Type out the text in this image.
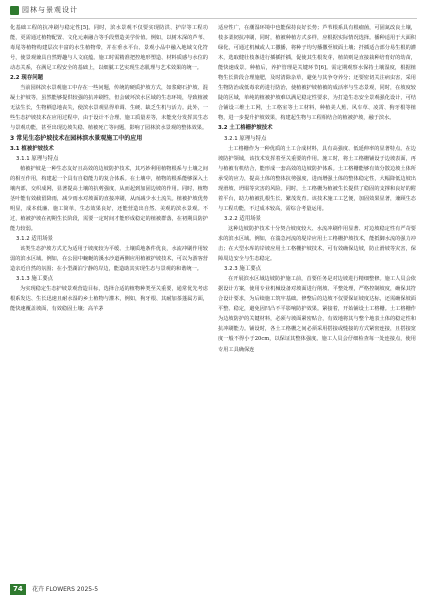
园林与景观设计

化基础工程的抗冲刷与稳定性[5]。同时，滨水景观不仅要实现防洪、护岸等工程功能，更需通过植物配置、文化元素融合等手段塑造美学价值。例如，以树木深的芦苇、毒尾等植物构建层次丰富的水生植物带，并在垂水平台、景观小品中融入地域文化符号，使景观兼具自然野趣与人文底蕴。施工时需精准把控地形塑造、材料质感与水位的动态关系，在满足工程安全的基础上，以细腻工艺实现生态肌理与艺术效果的统一。

2.2 现存问题

当前园林滨水景观施工中存在一些问题，传统的硬质护坡方式，如浆砌石护坡、混凝土护坡等，虽然能够提供较强的抗冲刷性，但会破坏滨水区域的生态环境，导致植被无法生长，生物栖息地丧失，使滨水景观显得单调、生硬、缺乏生机与活力。此外，一些生态护坡技术在应用过程中，由于设计不合理、施工质量差等，未能充分发挥其生态与景观功能，甚至出现边坡失稳、植被死亡等问题，影响了园林滨水景观的整体效果。

3 常见生态护坡技术在园林滨水景观施工中的应用
3.1 植被护坡技术
3.1.1 原理与特点

植被护坡是一种生态友好且高效的边坡防护技术，其巧妙利用植物根系与土壤之间的相互作用，构建起一个具有自稳能力的复合体系。在土壤中，植物的根系能够深入土壤内部，交织成网，显著提高土壤的抗剪强度，从而起到加固边坡的作用。同时，植物茎叶能有效截留降雨，减少雨水对坡面的直接冲刷，从而减少水土流失。植被护坡优势明显，成本低廉、施工简单，生态效果良好，还能营造出自然、美观的滨水景观。不过，植被护坡在初期生长阶段，需要一定时间才能形成稳定的植被群落，在初期具防护能力较弱。

3.1.2 适用场景

该类生态护坡方式尤为适用于坡度较为平缓、土壤质地条件优良，水流冲刷作用较弱的滨水区域。例如，在公园中蜿蜒的溪水沙道两侧应用植被护坡技术，可以为游客营造亲近自然的氛围；在小型湖泊宁静的岸边，能造助其实现生态与景观的和谐统一。

3.1.3 施工要点

为实现稳定生态护坡景观营造目标，选择合适的植物种类至关重要，通常优先考虑根系发达、生长迅速且耐水湿的乡土植物与灌木，例如，狗牙根、其耐加茶蓬属方面，能快速覆盖坡面，有效稳固土壤；高羊茅

适应性广，在潮湿环境中也能保持良好长势；芦苇根系具有根瘤菌，可固氮改良土壤，枝多柔韧抗冲刷，同时，植被种植方式多样，应根据实际情况选择。播种适用于大面积绿化，可通过机械或人工撒播，将种子均匀播撒至坡面土壤；扦插适合部分易生根的灌木，选取健壮枝条进行插插扦插，促使其生根发芽，植苗则是直接栽种培育好的幼苗，能快速成景。种植后，养护管理是关键环节[6]。需定期观察水保持土壤湿度，根据植物生长阶段合理施肥，及时清除杂草，避免与其争夺养分；还要密切关注病虫害，采用生物防治或低毒农药进行防治，使植被护坡植被的成活率与生态景观，同时，在坡度较陡的区域，单纯的植被护坡难以满足稳定性要求，为打造生态安全景观强化设计，可结合铺设三维土工网，土工格室等土工材料，种植美人蕉、风车草、凌霄、狗牙根等植物，进一步提升护坡效果，构建起生物与工程相结合的植被护坡，融于滨水。

3.2 土工格栅护坡技术
3.2.1 原理与特点

土工格栅作为一种优质的土工合成材料，具有高强度、低延伸率的显著特点。在边坡防护领域，该技术发挥着至关重要的作用。施工时，将土工格栅铺设于边坡表面，再与植被有机结合，能形成一套高效的边坡防护体系。土工格栅能够有效分散边坡土体所承受的应力，提高土体的整体抗剪强度，进而增强土体的整体稳定性，大幅降低边坡出现滑坡、坍塌等灾害的风险。同时，土工格栅为植被生长提供了稳固的支撑和良好的附着平台，助力植被扎根生长、繁茂发育。该技术施工工艺便，加固效果显著，兼顾生态与工程功能，不过成本较高，需综合考量运用。

3.2.2 适用场景

这种边坡防护技术十分契合坡度较大、水流冲刷作用显著、对边坡稳定性有严苛要求的滨水区域。例如，在湍急河流的堤岸应用土工格栅护坡技术，能抵御水流的强力冲击；在大型水库的岸坡应用土工格栅护坡技术，可有效确保边坡，防止滑坡等灾害，保障周边安全与生态稳定。

3.2.3 施工要点

在开展滨水区域边坡防护施工前，首要任务是对边坡进行精细整修。施工人员会依据设计方案，使用专业机械设备对坡面进行削坡、平整处理，严格控制坡度，确保其符合设计要求，为后续施工筑牢基础。修整后的边坡不仅要保证坡度达标，还需确保坡面平整、稳定，避免因凹凸不平影响防护效果。紧接着，开始铺设土工格栅。土工格栅作为边坡防护的关键材料，必须与坡面紧密贴合，有效地将其与整个地表土体的稳定性和抗冲刷能力。铺设时，各土工格栅之间必须采用搭接或缝接的方式紧密连接，且搭接宽度一般不得小于20cm，以保证其整体强度。施工人员会仔细检查每一处连接点，使用专用工具确保连

74	花卉 FLOWERS 2025-5
